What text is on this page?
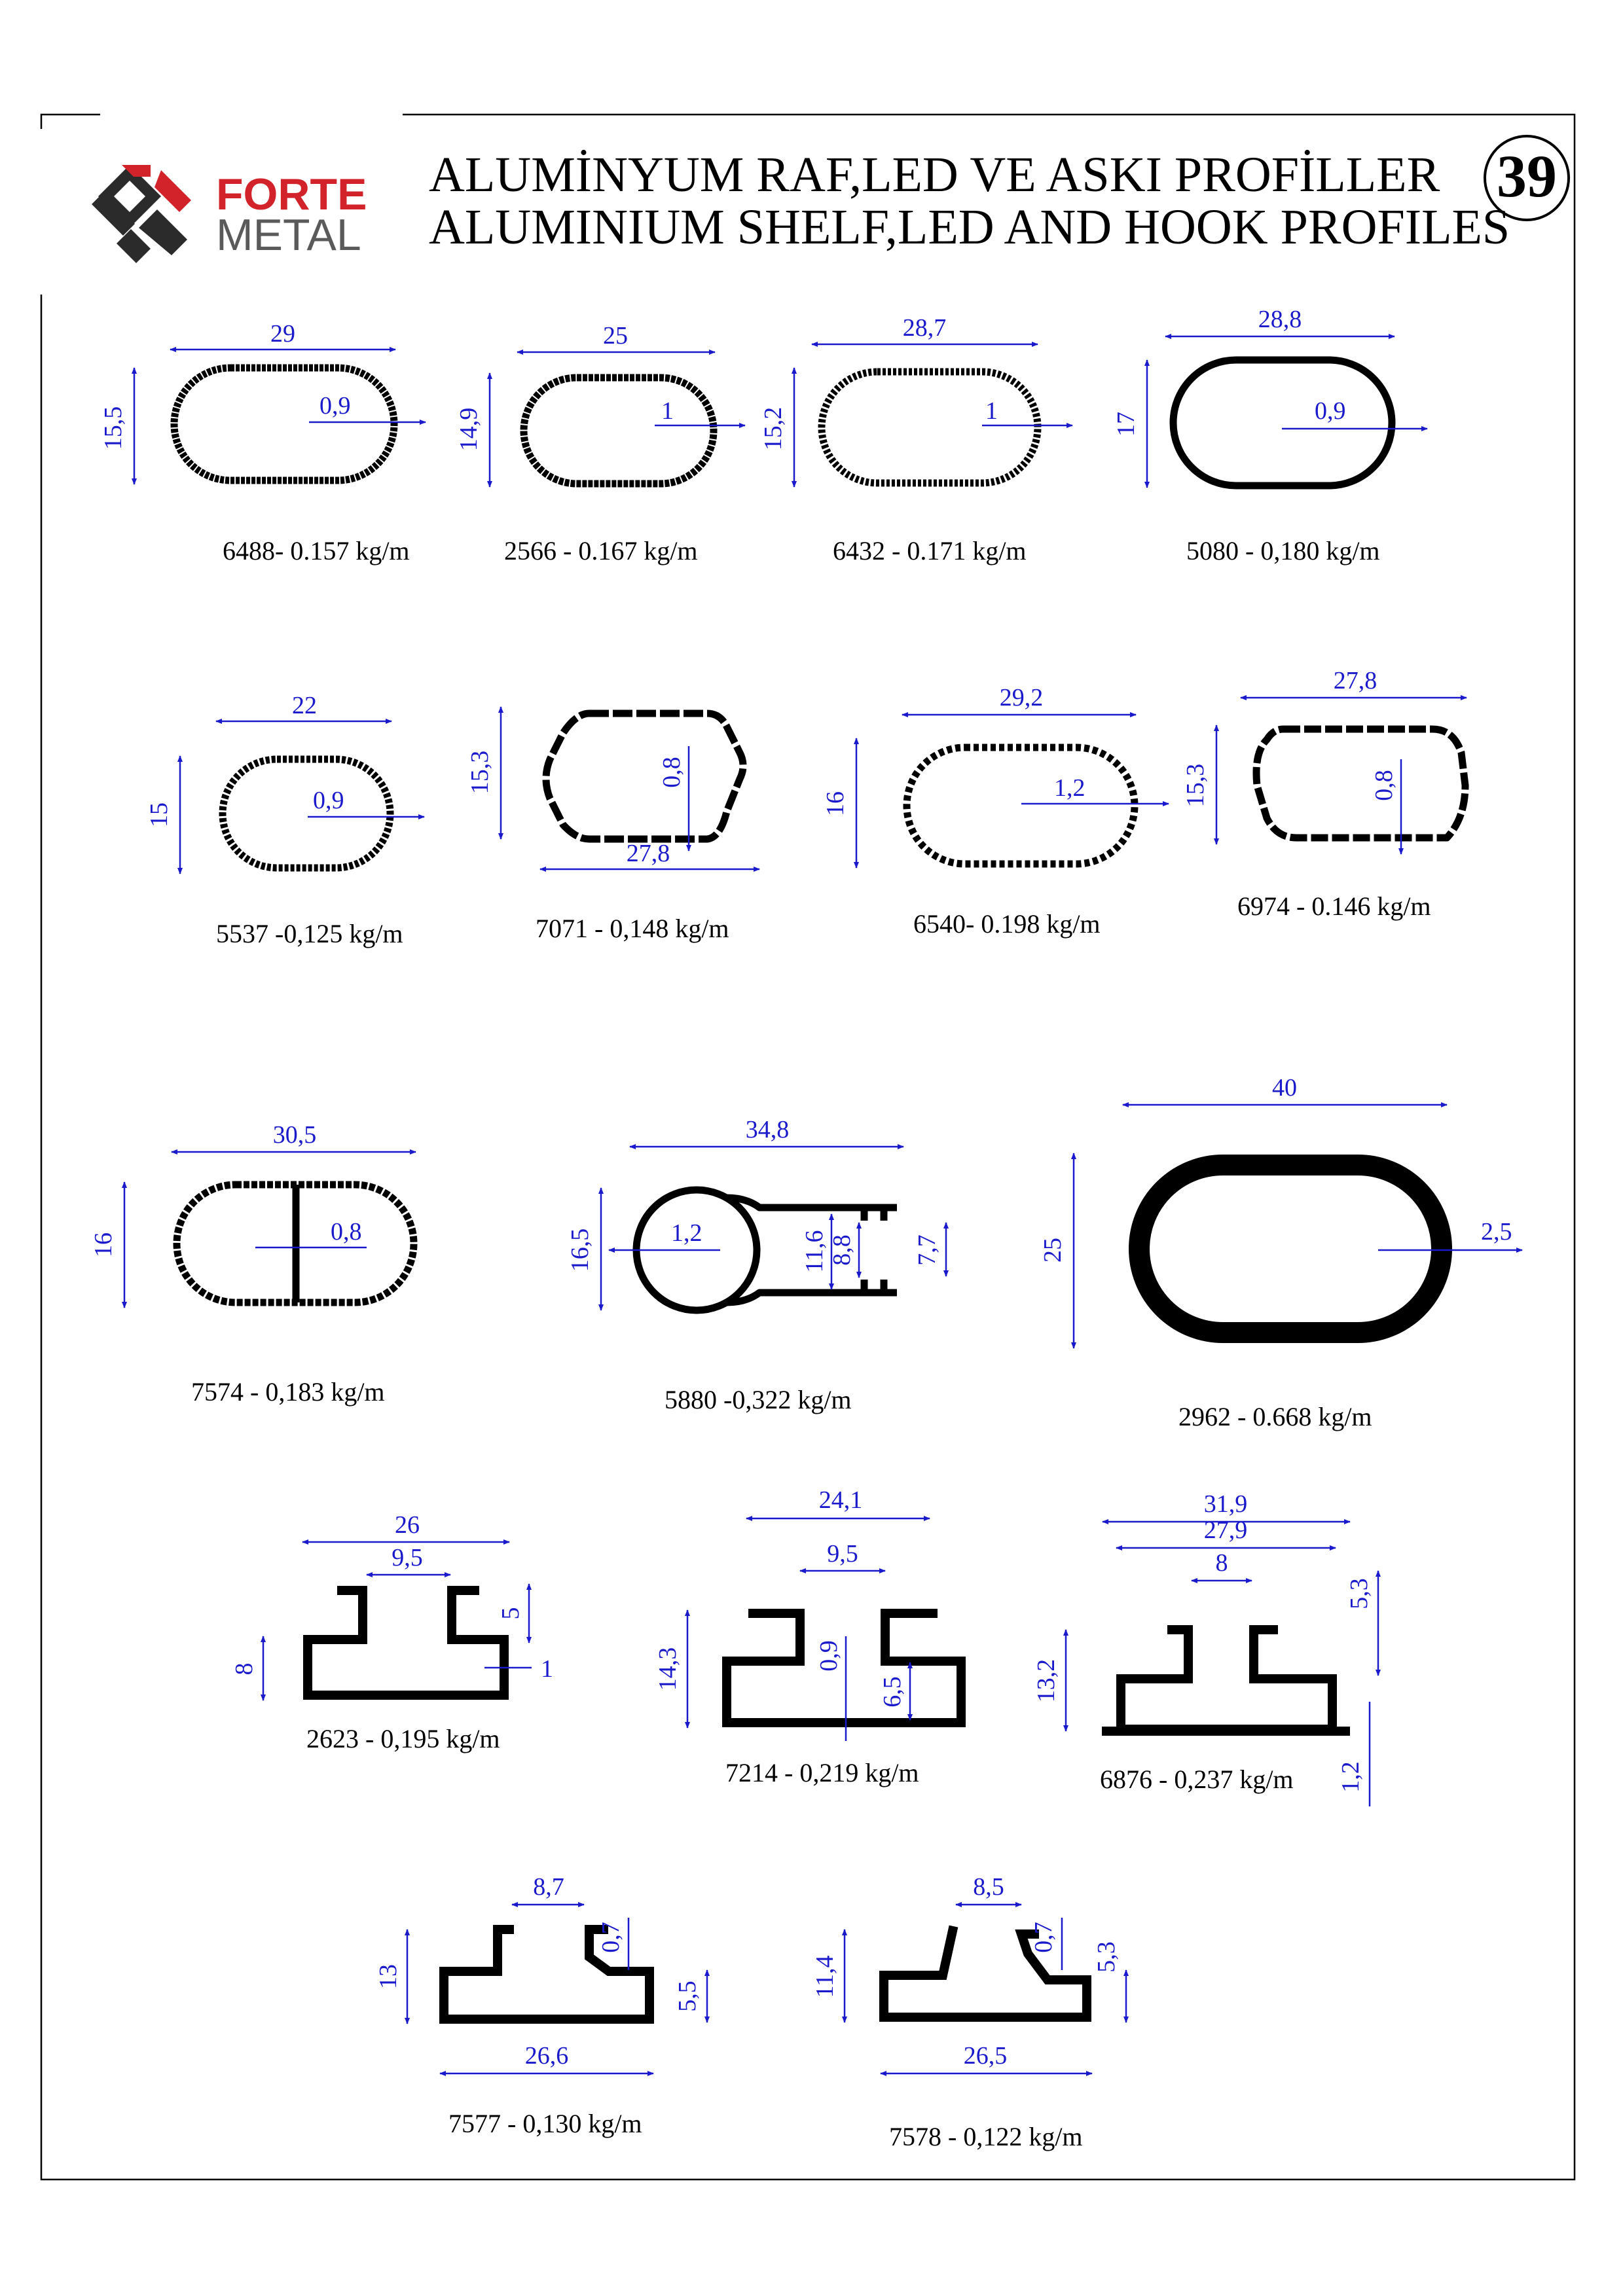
FORTE
METAL
ALUMİNYUM RAF,LED VE ASKI PROFİLLER
ALUMINIUM SHELF,LED AND HOOK PROFILES
39
29
15,5
0,9
6488- 0.157 kg/m
25
14,9	1
2566 - 0.167 kg/m
28,7
15,2	1
6432 - 0.171 kg/m
28,8
17	0,9
5080 - 0,180 kg/m
22
15
0,9
5537 -0,125 kg/m
15,3	0,8
27,8
7071 - 0,148 kg/m
29,2
16
1,2
6540- 0.198 kg/m
27,8
15,3	0,8
6974 - 0.146 kg/m
30,5
16	0,8
7574 - 0,183 kg/m
34,8
16,5	1,2	11,6 8,8 7,7
5880 -0,322 kg/m
40
25
2,5
2962 - 0.668 kg/m
26
9,5
5
8	1
2623 - 0,195 kg/m
24,1
9,5
14,3	0,9
6,5
7214 - 0,219 kg/m
31,9
27,9
8
5,3
13,2
1,2
6876 - 0,237 kg/m
8,7
0,7
13
5,5
26,6
7577 - 0,130 kg/m
8,5
0,7
11,4	5,3
26,5
7578 - 0,122 kg/m
